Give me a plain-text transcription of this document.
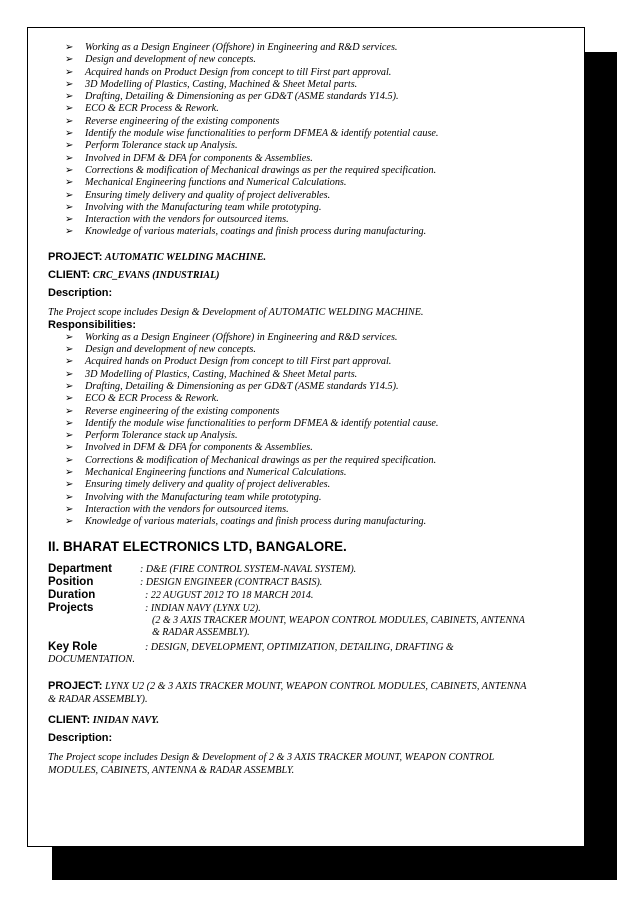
➢ Working as a Design Engineer (Offshore) in Engineering and R&D services.
➢ Design and development of new concepts.
➢ Acquired hands on Product Design from concept to till First part approval.
➢ 3D Modelling of Plastics, Casting, Machined & Sheet Metal parts.
➢ Drafting, Detailing & Dimensioning as per GD&T (ASME standards Y14.5).
➢ ECO & ECR Process & Rework.
➢ Reverse engineering of the existing components
➢ Identify the module wise functionalities to perform DFMEA & identify potential cause.
➢ Perform Tolerance stack up Analysis.
➢ Involved in DFM & DFA for components & Assemblies.
➢ Corrections & modification of Mechanical drawings as per the required specification.
➢ Mechanical Engineering functions and Numerical Calculations.
➢ Ensuring timely delivery and quality of project deliverables.
➢ Involving with the Manufacturing team while prototyping.
➢ Interaction with the vendors for outsourced items.
➢ Knowledge of various materials, coatings and finish process during manufacturing.
PROJECT: AUTOMATIC WELDING MACHINE.
CLIENT: CRC_EVANS (INDUSTRIAL)
Description:
The Project scope includes Design & Development of AUTOMATIC WELDING MACHINE.
Responsibilities:
➢ Working as a Design Engineer (Offshore) in Engineering and R&D services.
➢ Design and development of new concepts.
➢ Acquired hands on Product Design from concept to till First part approval.
➢ 3D Modelling of Plastics, Casting, Machined & Sheet Metal parts.
➢ Drafting, Detailing & Dimensioning as per GD&T (ASME standards Y14.5).
➢ ECO & ECR Process & Rework.
➢ Reverse engineering of the existing components
➢ Identify the module wise functionalities to perform DFMEA & identify potential cause.
➢ Perform Tolerance stack up Analysis.
➢ Involved in DFM & DFA for components & Assemblies.
➢ Corrections & modification of Mechanical drawings as per the required specification.
➢ Mechanical Engineering functions and Numerical Calculations.
➢ Ensuring timely delivery and quality of project deliverables.
➢ Involving with the Manufacturing team while prototyping.
➢ Interaction with the vendors for outsourced items.
➢ Knowledge of various materials, coatings and finish process during manufacturing.
II. BHARAT ELECTRONICS LTD, BANGALORE.
Department	: D&E (FIRE CONTROL SYSTEM-NAVAL SYSTEM).
Position	: DESIGN ENGINEER (CONTRACT BASIS).
Duration	: 22 AUGUST 2012 TO 18 MARCH 2014.
Projects	: INDIAN NAVY (LYNX U2).
(2 & 3 AXIS TRACKER MOUNT, WEAPON CONTROL MODULES, CABINETS, ANTENNA
& RADAR ASSEMBLY).
Key Role	: DESIGN, DEVELOPMENT, OPTIMIZATION, DETAILING, DRAFTING &
DOCUMENTATION.
PROJECT: LYNX U2 (2 & 3 AXIS TRACKER MOUNT, WEAPON CONTROL MODULES, CABINETS, ANTENNA
& RADAR ASSEMBLY).
CLIENT: INIDAN NAVY.
Description:
The Project scope includes Design & Development of 2 & 3 AXIS TRACKER MOUNT, WEAPON CONTROL
MODULES, CABINETS, ANTENNA & RADAR ASSEMBLY.
